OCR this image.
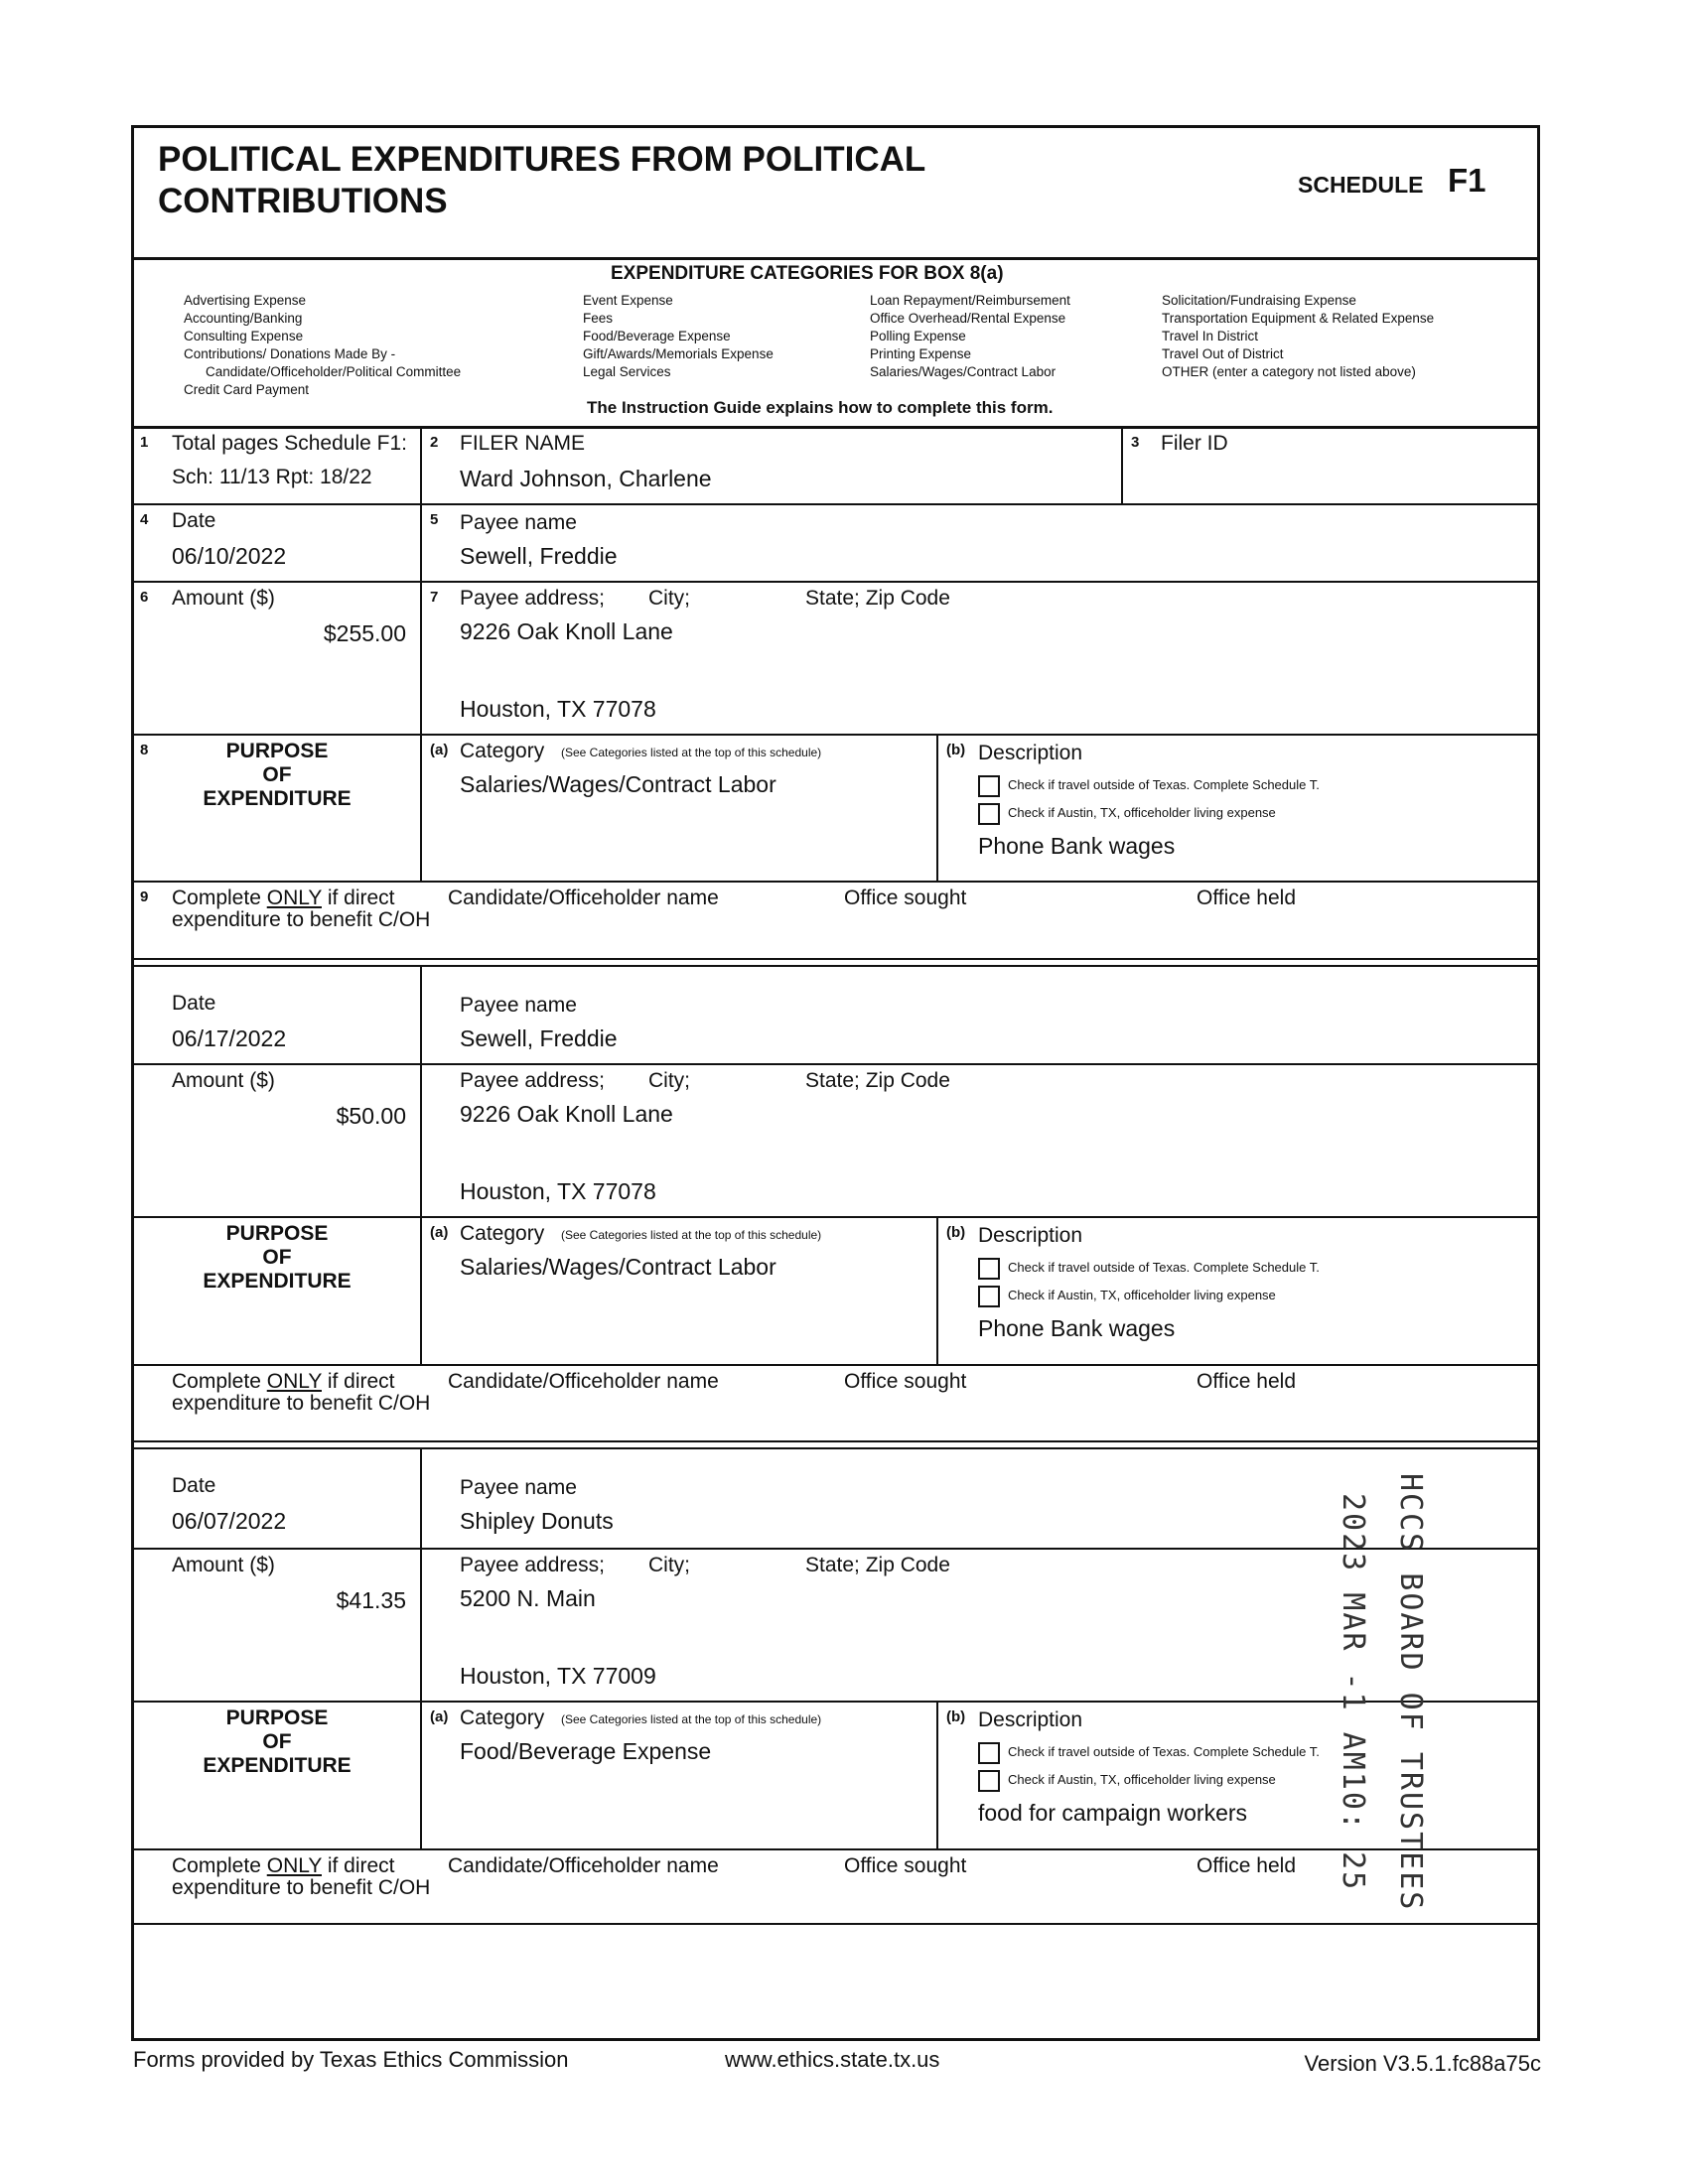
POLITICAL EXPENDITURES FROM POLITICAL
CONTRIBUTIONS	SCHEDULE F1
EXPENDITURE CATEGORIES FOR BOX 8(a)
Advertising Expense
Accounting/Banking
Consulting Expense
Contributions/ Donations Made By -
Candidate/Officeholder/Political Committee
Credit Card Payment
Event Expense
Fees
Food/Beverage Expense
Gift/Awards/Memorials Expense
Legal Services
Loan Repayment/Reimbursement
Office Overhead/Rental Expense
Polling Expense
Printing Expense
Salaries/Wages/Contract Labor
Solicitation/Fundraising Expense
Transportation Equipment & Related Expense
Travel In District
Travel Out of District
OTHER (enter a category not listed above)
The Instruction Guide explains how to complete this form.
1 Total pages Schedule F1:
Sch: 11/13 Rpt: 18/22
2 FILER NAME
Ward Johnson, Charlene
3 Filer ID
4 Date
06/10/2022
5 Payee name
Sewell, Freddie
6 Amount ($)
$255.00
7 Payee address; City;	State; Zip Code
9226 Oak Knoll Lane
Houston, TX 77078
8	PURPOSE
OF
EXPENDITURE
(a) Category (See Categories listed at the top of this schedule)
Salaries/Wages/Contract Labor
(b) Description
Check if travel outside of Texas. Complete Schedule T.
Check if Austin, TX, officeholder living expense
Phone Bank wages
9 Complete ONLY if direct
expenditure to benefit C/OH
Candidate/Officeholder name	Office sought	Office held
Date
06/17/2022
Payee name
Sewell, Freddie
Amount ($)
$50.00
Payee address; City;	State; Zip Code
9226 Oak Knoll Lane
Houston, TX 77078
PURPOSE
OF
EXPENDITURE
(a) Category (See Categories listed at the top of this schedule)
Salaries/Wages/Contract Labor
(b) Description
Check if travel outside of Texas. Complete Schedule T.
Check if Austin, TX, officeholder living expense
Phone Bank wages
Complete ONLY if direct
expenditure to benefit C/OH
Candidate/Officeholder name	Office sought	Office held
Date
06/07/2022
Payee name
Shipley Donuts
Amount ($)
$41.35
Payee address; City;	State; Zip Code
5200 N. Main
Houston, TX 77009
PURPOSE
OF
EXPENDITURE
(a) Category (See Categories listed at the top of this schedule)
Food/Beverage Expense
(b) Description
Check if travel outside of Texas. Complete Schedule T.
Check if Austin, TX, officeholder living expense
food for campaign workers
Complete ONLY if direct
expenditure to benefit C/OH
Candidate/Officeholder name	Office sought	Office held	HCCS BOARD OF TRUSTEES
2023 MAR -1 AM10: 25
Forms provided by Texas Ethics Commission	www.ethics.state.tx.us	Version V3.5.1.fc88a75c
